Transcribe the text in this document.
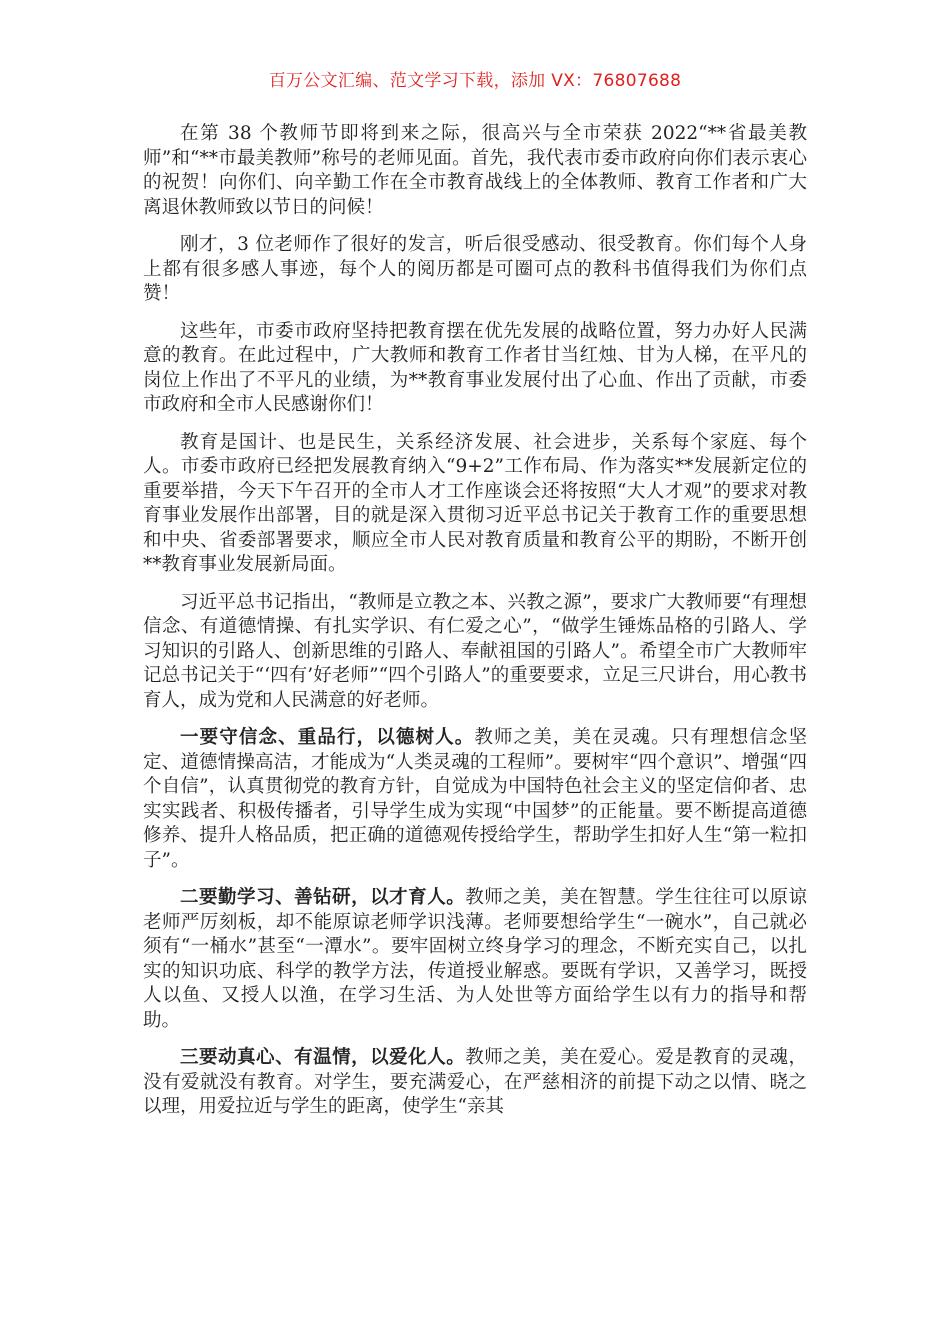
百万公文汇编、范文学习下载，添加 VX：76807688

在第 38 个教师节即将到来之际，很高兴与全市荣获 2022“**省最美教师”和“**市最美教师”称号的老师见面。首先，我代表市委市政府向你们表示衷心的祝贺！向你们、向辛勤工作在全市教育战线上的全体教师、教育工作者和广大离退休教师致以节日的问候！

刚才，3 位老师作了很好的发言，听后很受感动、很受教育。你们每个人身上都有很多感人事迹，每个人的阅历都是可圈可点的教科书值得我们为你们点赞！

这些年，市委市政府坚持把教育摆在优先发展的战略位置，努力办好人民满意的教育。在此过程中，广大教师和教育工作者甘当红烛、甘为人梯，在平凡的岗位上作出了不平凡的业绩，为**教育事业发展付出了心血、作出了贡献，市委市政府和全市人民感谢你们！

教育是国计、也是民生，关系经济发展、社会进步，关系每个家庭、每个人。市委市政府已经把发展教育纳入“9+2”工作布局、作为落实**发展新定位的重要举措，今天下午召开的全市人才工作座谈会还将按照“大人才观”的要求对教育事业发展作出部署，目的就是深入贯彻习近平总书记关于教育工作的重要思想和中央、省委部署要求，顺应全市人民对教育质量和教育公平的期盼，不断开创**教育事业发展新局面。

习近平总书记指出，“教师是立教之本、兴教之源”，要求广大教师要“有理想信念、有道德情操、有扎实学识、有仁爱之心”，“做学生锤炼品格的引路人、学习知识的引路人、创新思维的引路人、奉献祖国的引路人”。希望全市广大教师牢记总书记关于“‘四有’好老师”“四个引路人”的重要要求，立足三尺讲台，用心教书育人，成为党和人民满意的好老师。

一要守信念、重品行，以德树人。教师之美，美在灵魂。只有理想信念坚定、道德情操高洁，才能成为“人类灵魂的工程师”。要树牢“四个意识”、增强“四个自信”，认真贯彻党的教育方针，自觉成为中国特色社会主义的坚定信仰者、忠实实践者、积极传播者，引导学生成为实现“中国梦”的正能量。要不断提高道德修养、提升人格品质，把正确的道德观传授给学生，帮助学生扣好人生“第一粒扣子”。

二要勤学习、善钻研，以才育人。教师之美，美在智慧。学生往往可以原谅老师严厉刻板，却不能原谅老师学识浅薄。老师要想给学生“一碗水”，自己就必须有“一桶水”甚至“一潭水”。要牢固树立终身学习的理念，不断充实自己，以扎实的知识功底、科学的教学方法，传道授业解惑。要既有学识，又善学习，既授人以鱼、又授人以渔，在学习生活、为人处世等方面给学生以有力的指导和帮助。

三要动真心、有温情，以爱化人。教师之美，美在爱心。爱是教育的灵魂，没有爱就没有教育。对学生，要充满爱心，在严慈相济的前提下动之以情、晓之以理，用爱拉近与学生的距离，使学生“亲其
